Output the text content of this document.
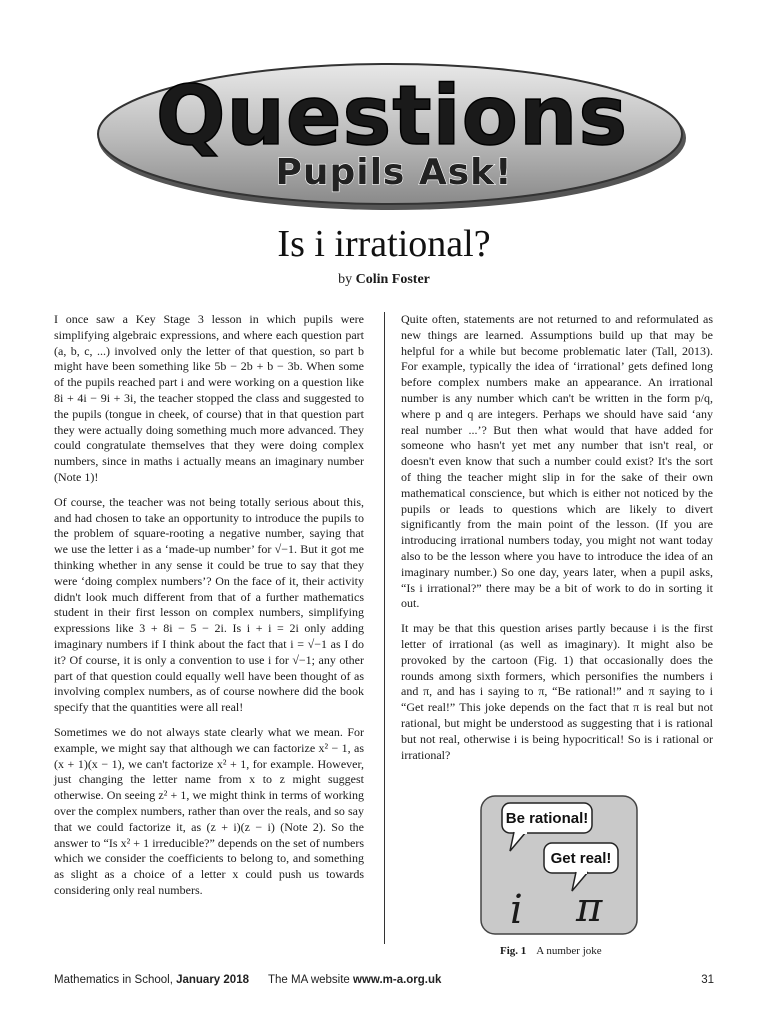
Questions
Pupils Ask!
Is i irrational?
by Colin Foster

I once saw a Key Stage 3 lesson in which pupils were simplifying algebraic expressions, and where each question part (a, b, c, ...) involved only the letter of that question, so part b might have been something like 5b − 2b + b − 3b. When some of the pupils reached part i and were working on a question like 8i + 4i − 9i + 3i, the teacher stopped the class and suggested to the pupils (tongue in cheek, of course) that in that question part they were actually doing something much more advanced. They could congratulate themselves that they were doing complex numbers, since in maths i actually means an imaginary number (Note 1)!

Of course, the teacher was not being totally serious about this, and had chosen to take an opportunity to introduce the pupils to the problem of square-rooting a negative number, saying that we use the letter i as a ‘made-up number’ for √−1. But it got me thinking whether in any sense it could be true to say that they were ‘doing complex numbers’? On the face of it, their activity didn't look much different from that of a further mathematics student in their first lesson on complex numbers, simplifying expressions like 3 + 8i − 5 − 2i. Is i + i = 2i only adding imaginary numbers if I think about the fact that i = √−1 as I do it? Of course, it is only a convention to use i for √−1; any other part of that question could equally well have been thought of as involving complex numbers, as of course nowhere did the book specify that the quantities were all real!

Sometimes we do not always state clearly what we mean. For example, we might say that although we can factorize x² − 1, as (x + 1)(x − 1), we can't factorize x² + 1, for example. However, just changing the letter name from x to z might suggest otherwise. On seeing z² + 1, we might think in terms of working over the complex numbers, rather than over the reals, and so say that we could factorize it, as (z + i)(z − i) (Note 2). So the answer to “Is x² + 1 irreducible?” depends on the set of numbers which we consider the coefficients to belong to, and something as slight as a choice of a letter x could push us towards considering only real numbers.

Quite often, statements are not returned to and reformulated as new things are learned. Assumptions build up that may be helpful for a while but become problematic later (Tall, 2013). For example, typically the idea of ‘irrational’ gets defined long before complex numbers make an appearance. An irrational number is any number which can't be written in the form p/q, where p and q are integers. Perhaps we should have said ‘any real number ...’? But then what would that have added for someone who hasn't yet met any number that isn't real, or doesn't even know that such a number could exist? It's the sort of thing the teacher might slip in for the sake of their own mathematical conscience, but which is either not noticed by the pupils or leads to questions which are likely to divert significantly from the main point of the lesson. (If you are introducing irrational numbers today, you might not want today also to be the lesson where you have to introduce the idea of an imaginary number.) So one day, years later, when a pupil asks, “Is i irrational?” there may be a bit of work to do in sorting it out.

It may be that this question arises partly because i is the first letter of irrational (as well as imaginary). It might also be provoked by the cartoon (Fig. 1) that occasionally does the rounds among sixth formers, which personifies the numbers i and π, and has i saying to π, “Be rational!” and π saying to i “Get real!” This joke depends on the fact that π is real but not rational, but might be understood as suggesting that i is rational but not real, otherwise i is being hypocritical! So is i rational or irrational?

Be rational!
Get real!
i π
Fig. 1 A number joke
Mathematics in School, January 2018 The MA website www.m-a.org.uk	31
